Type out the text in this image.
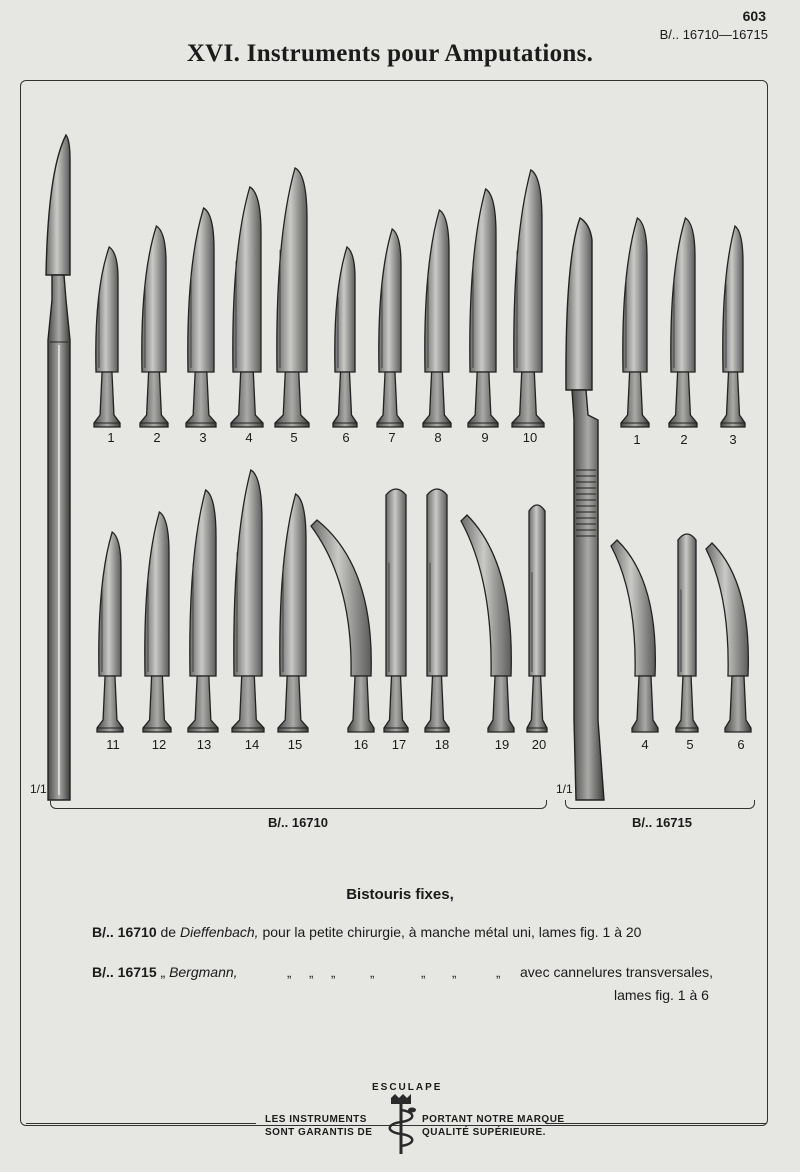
603
B/.. 16710—16715
XVI. Instruments pour Amputations.
1	2	3	4	5	6	7	8	9	10	1	2	3
11	12	13	14	15	16	17	18	19	20	4	5	6
1/1	1/1
B/.. 16710	B/.. 16715
Bistouris fixes,
B/.. 16710 de Dieffenbach, pour la petite chirurgie, à manche métal uni, lames fig. 1 à 20
B/.. 16715 „ Bergmann,	„ „ „	„	„ „	„ avec cannelures transversales,
lames fig. 1 à 6
ESCULAPE
LES INSTRUMENTS
SONT GARANTIS DE
PORTANT NOTRE MARQUE
QUALITÉ SUPÉRIEURE.
